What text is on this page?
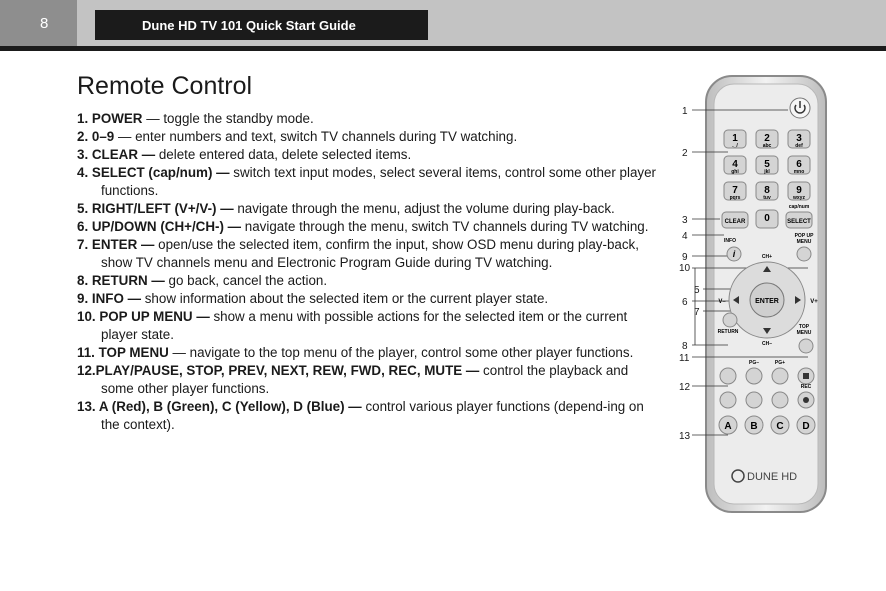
8	Dune HD TV 101 Quick Start Guide
Remote Control
1. POWER — toggle the standby mode.
2. 0–9 — enter numbers and text, switch TV channels during TV watching.
3. CLEAR — delete entered data, delete selected items.
4. SELECT (cap/num) — switch text input modes, select several items, control some other player functions.
5. RIGHT/LEFT (V+/V-) — navigate through the menu, adjust the volume during play-back.
6. UP/DOWN (CH+/CH-) — navigate through the menu, switch TV channels during TV watching.
7. ENTER — open/use the selected item, confirm the input, show OSD menu during play-back, show TV channels menu and Electronic Program Guide during TV watching.
8. RETURN — go back, cancel the action.
9. INFO — show information about the selected item or the current player state.
10. POP UP MENU — show a menu with possible actions for the selected item or the current player state.
11. TOP MENU — navigate to the top menu of the player, control some other player functions.
12.PLAY/PAUSE, STOP, PREV, NEXT, REW, FWD, REC, MUTE — control the playback and some other player functions.
13. A (Red), B (Green), C (Yellow), D (Blue) — control various player functions (depend-ing on the context).
1
2
3
4
9
10
5
6
7
8
11
12
13
1
._/
2
abc
3
def
4
ghi
5
jkl
6
mno
7
pqrs
8
tuv
9
wxyz
cap/num
CLEAR 0	SELECT
INFO
i
POP UP
MENU
ENTER
CH+
CH–
V–	V+
RETURN
TOP
MENU
PG–	PG+
REC
A B C D
DUNE HD
